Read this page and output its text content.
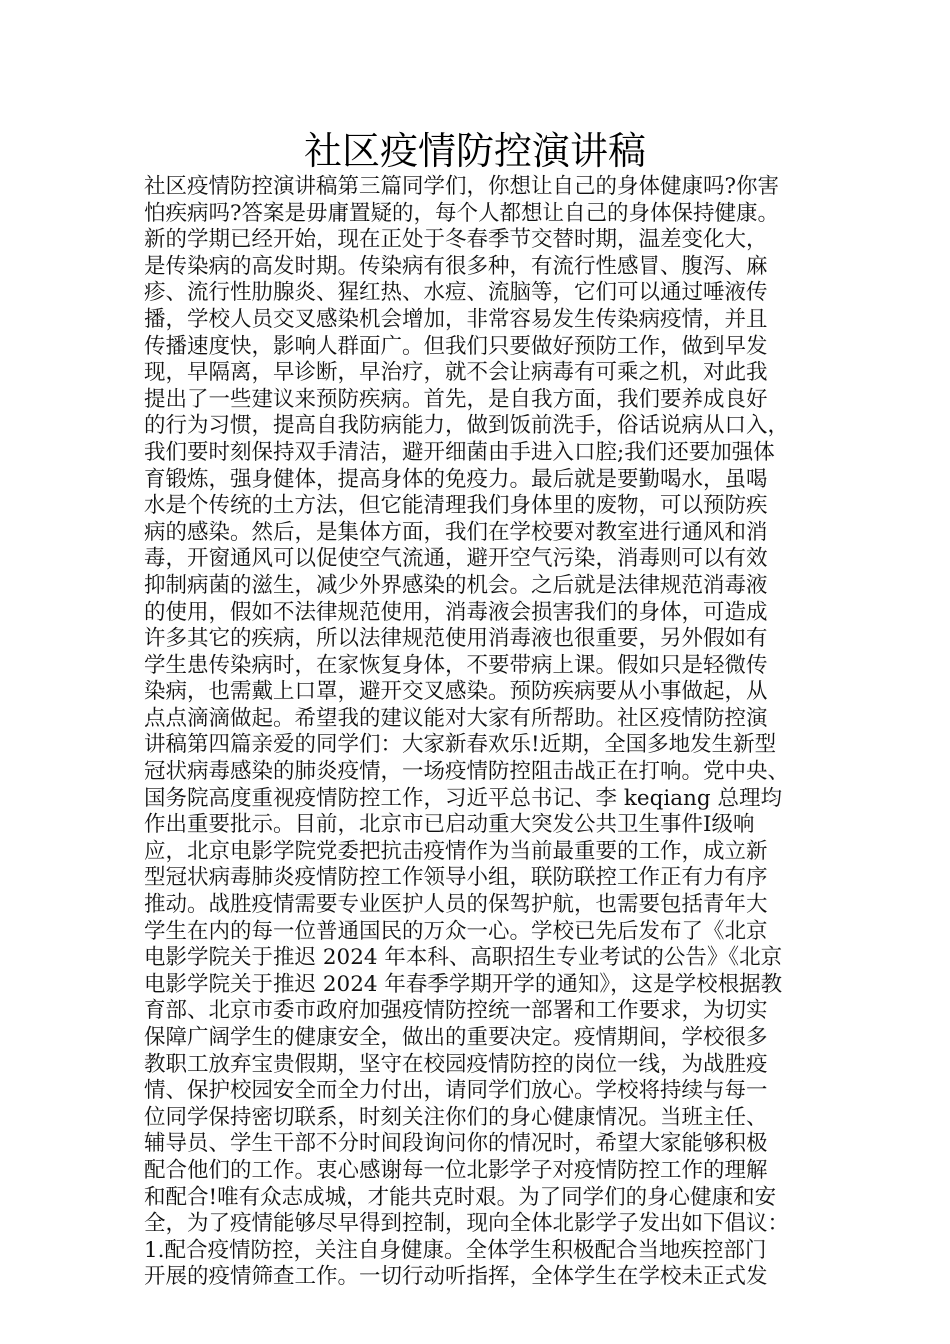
社区疫情防控演讲稿
社区疫情防控演讲稿第三篇同学们，你想让自己的身体健康吗?你害
怕疾病吗?答案是毋庸置疑的，每个人都想让自己的身体保持健康。
新的学期已经开始，现在正处于冬春季节交替时期，温差变化大，
是传染病的高发时期。传染病有很多种，有流行性感冒、腹泻、麻
疹、流行性肋腺炎、猩红热、水痘、流脑等，它们可以通过唾液传
播，学校人员交叉感染机会增加，非常容易发生传染病疫情，并且
传播速度快，影响人群面广。但我们只要做好预防工作，做到早发
现，早隔离，早诊断，早治疗，就不会让病毒有可乘之机，对此我
提出了一些建议来预防疾病。首先，是自我方面，我们要养成良好
的行为习惯，提高自我防病能力，做到饭前洗手，俗话说病从口入，
我们要时刻保持双手清洁，避开细菌由手进入口腔;我们还要加强体
育锻炼，强身健体，提高身体的免疫力。最后就是要勤喝水，虽喝
水是个传统的土方法，但它能清理我们身体里的废物，可以预防疾
病的感染。然后，是集体方面，我们在学校要对教室进行通风和消
毒，开窗通风可以促使空气流通，避开空气污染，消毒则可以有效
抑制病菌的滋生，减少外界感染的机会。之后就是法律规范消毒液
的使用，假如不法律规范使用，消毒液会损害我们的身体，可造成
许多其它的疾病，所以法律规范使用消毒液也很重要，另外假如有
学生患传染病时，在家恢复身体，不要带病上课。假如只是轻微传
染病，也需戴上口罩，避开交叉感染。预防疾病要从小事做起，从
点点滴滴做起。希望我的建议能对大家有所帮助。社区疫情防控演
讲稿第四篇亲爱的同学们：大家新春欢乐!近期，全国多地发生新型
冠状病毒感染的肺炎疫情，一场疫情防控阻击战正在打响。党中央、
国务院高度重视疫情防控工作，习近平总书记、李 keqiang 总理均
作出重要批示。目前，北京市已启动重大突发公共卫生事件Ⅰ级响
应，北京电影学院党委把抗击疫情作为当前最重要的工作，成立新
型冠状病毒肺炎疫情防控工作领导小组，联防联控工作正有力有序
推动。战胜疫情需要专业医护人员的保驾护航，也需要包括青年大
学生在内的每一位普通国民的万众一心。学校已先后发布了《北京
电影学院关于推迟 2024 年本科、高职招生专业考试的公告》《北京
电影学院关于推迟 2024 年春季学期开学的通知》，这是学校根据教
育部、北京市委市政府加强疫情防控统一部署和工作要求，为切实
保障广阔学生的健康安全，做出的重要决定。疫情期间，学校很多
教职工放弃宝贵假期，坚守在校园疫情防控的岗位一线，为战胜疫
情、保护校园安全而全力付出，请同学们放心。学校将持续与每一
位同学保持密切联系，时刻关注你们的身心健康情况。当班主任、
辅导员、学生干部不分时间段询问你的情况时，希望大家能够积极
配合他们的工作。衷心感谢每一位北影学子对疫情防控工作的理解
和配合!唯有众志成城，才能共克时艰。为了同学们的身心健康和安
全，为了疫情能够尽早得到控制，现向全体北影学子发出如下倡议：
1.配合疫情防控，关注自身健康。全体学生积极配合当地疾控部门
开展的疫情筛查工作。一切行动听指挥，全体学生在学校未正式发
